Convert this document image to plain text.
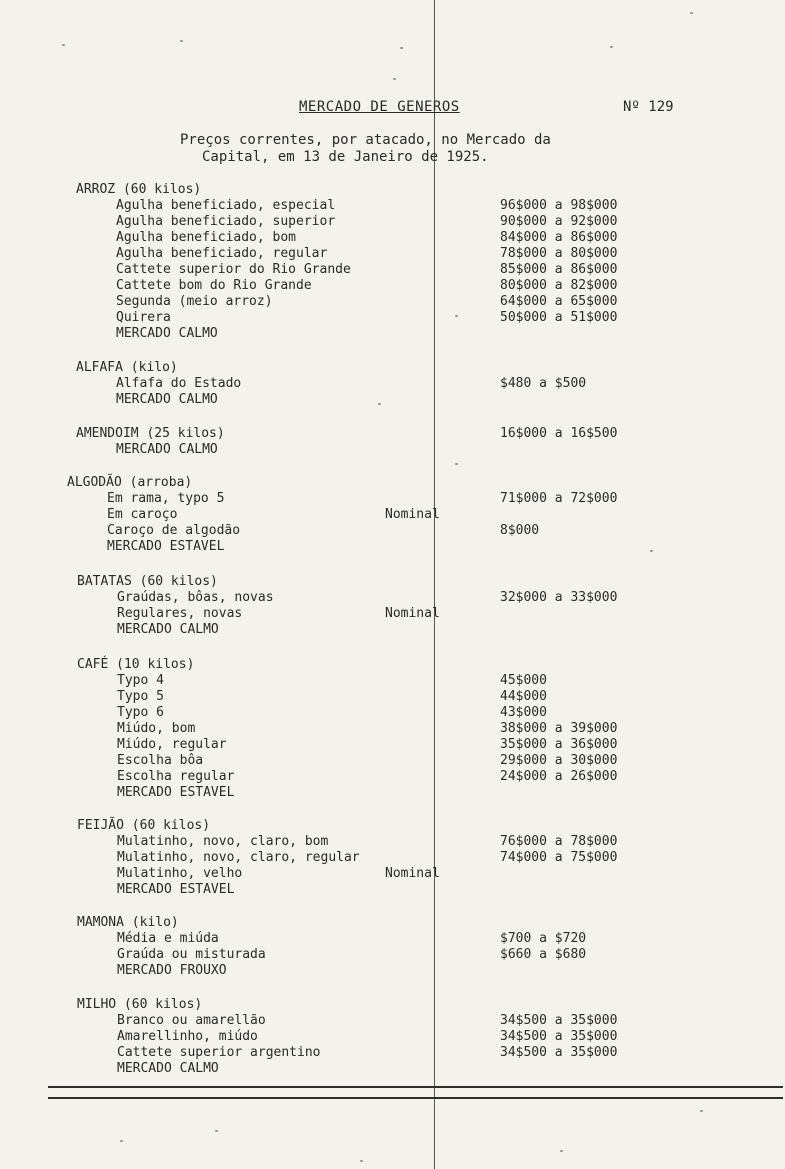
MERCADO DE GENEROS	Nº 129
Preços correntes, por atacado, no Mercado da
Capital, em 13 de Janeiro de 1925.
ARROZ (60 kilos)
Agulha beneficiado, especial	96$000 a 98$000
Agulha beneficiado, superior	90$000 a 92$000
Agulha beneficiado, bom	84$000 a 86$000
Agulha beneficiado, regular	78$000 a 80$000
Cattete superior do Rio Grande	85$000 a 86$000
Cattete bom do Rio Grande	80$000 a 82$000
Segunda (meio arroz)	64$000 a 65$000
Quirera	50$000 a 51$000
MERCADO CALMO
ALFAFA (kilo)
Alfafa do Estado	$480 a $500
MERCADO CALMO
AMENDOIM (25 kilos)	16$000 a 16$500
MERCADO CALMO
ALGODÃO (arroba)
Em rama, typo 5	71$000 a 72$000
Em caroço	Nominal
Caroço de algodão	8$000
MERCADO ESTAVEL
BATATAS (60 kilos)
Graúdas, bôas, novas	32$000 a 33$000
Regulares, novas	Nominal
MERCADO CALMO
CAFÉ (10 kilos)
Typo 4	45$000
Typo 5	44$000
Typo 6	43$000
Miúdo, bom	38$000 a 39$000
Miúdo, regular	35$000 a 36$000
Escolha bôa	29$000 a 30$000
Escolha regular	24$000 a 26$000
MERCADO ESTAVEL
FEIJÃO (60 kilos)
Mulatinho, novo, claro, bom	76$000 a 78$000
Mulatinho, novo, claro, regular	74$000 a 75$000
Mulatinho, velho	Nominal
MERCADO ESTAVEL
MAMONA (kilo)
Média e miúda	$700 a $720
Graúda ou misturada	$660 a $680
MERCADO FROUXO
MILHO (60 kilos)
Branco ou amarellão	34$500 a 35$000
Amarellinho, miúdo	34$500 a 35$000
Cattete superior argentino	34$500 a 35$000
MERCADO CALMO
